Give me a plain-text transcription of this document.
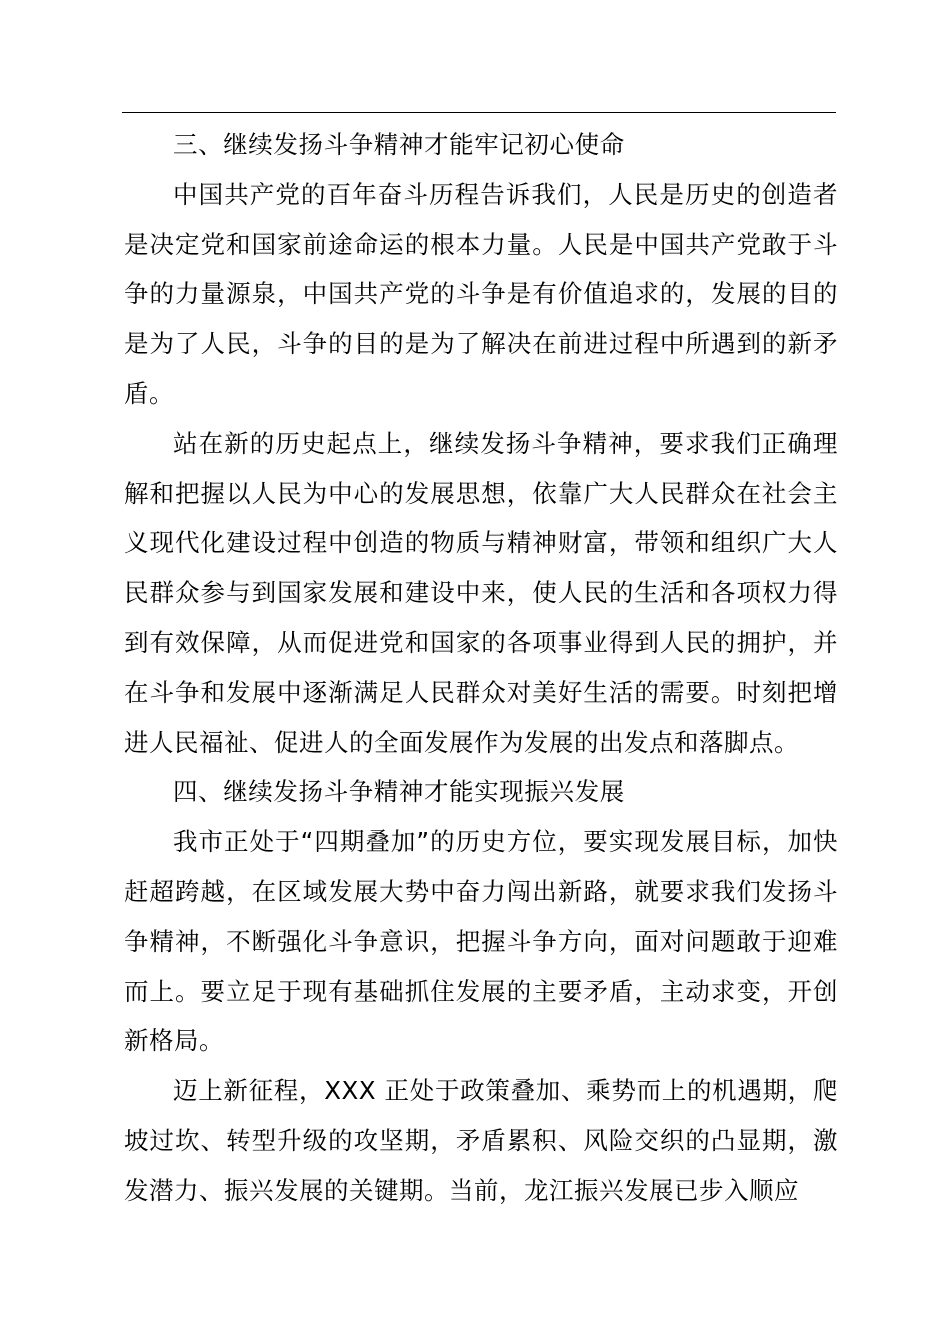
三、继续发扬斗争精神才能牢记初心使命

中国共产党的百年奋斗历程告诉我们，人民是历史的创造者是决定党和国家前途命运的根本力量。人民是中国共产党敢于斗争的力量源泉，中国共产党的斗争是有价值追求的，发展的目的是为了人民，斗争的目的是为了解决在前进过程中所遇到的新矛盾。

站在新的历史起点上，继续发扬斗争精神，要求我们正确理解和把握以人民为中心的发展思想，依靠广大人民群众在社会主义现代化建设过程中创造的物质与精神财富，带领和组织广大人民群众参与到国家发展和建设中来，使人民的生活和各项权力得到有效保障，从而促进党和国家的各项事业得到人民的拥护，并在斗争和发展中逐渐满足人民群众对美好生活的需要。时刻把增进人民福祉、促进人的全面发展作为发展的出发点和落脚点。

四、继续发扬斗争精神才能实现振兴发展

我市正处于“四期叠加”的历史方位，要实现发展目标，加快赶超跨越，在区域发展大势中奋力闯出新路，就要求我们发扬斗争精神，不断强化斗争意识，把握斗争方向，面对问题敢于迎难而上。要立足于现有基础抓住发展的主要矛盾，主动求变，开创新格局。

迈上新征程，XXX 正处于政策叠加、乘势而上的机遇期，爬坡过坎、转型升级的攻坚期，矛盾累积、风险交织的凸显期，激发潜力、振兴发展的关键期。当前，龙江振兴发展已步入顺应
